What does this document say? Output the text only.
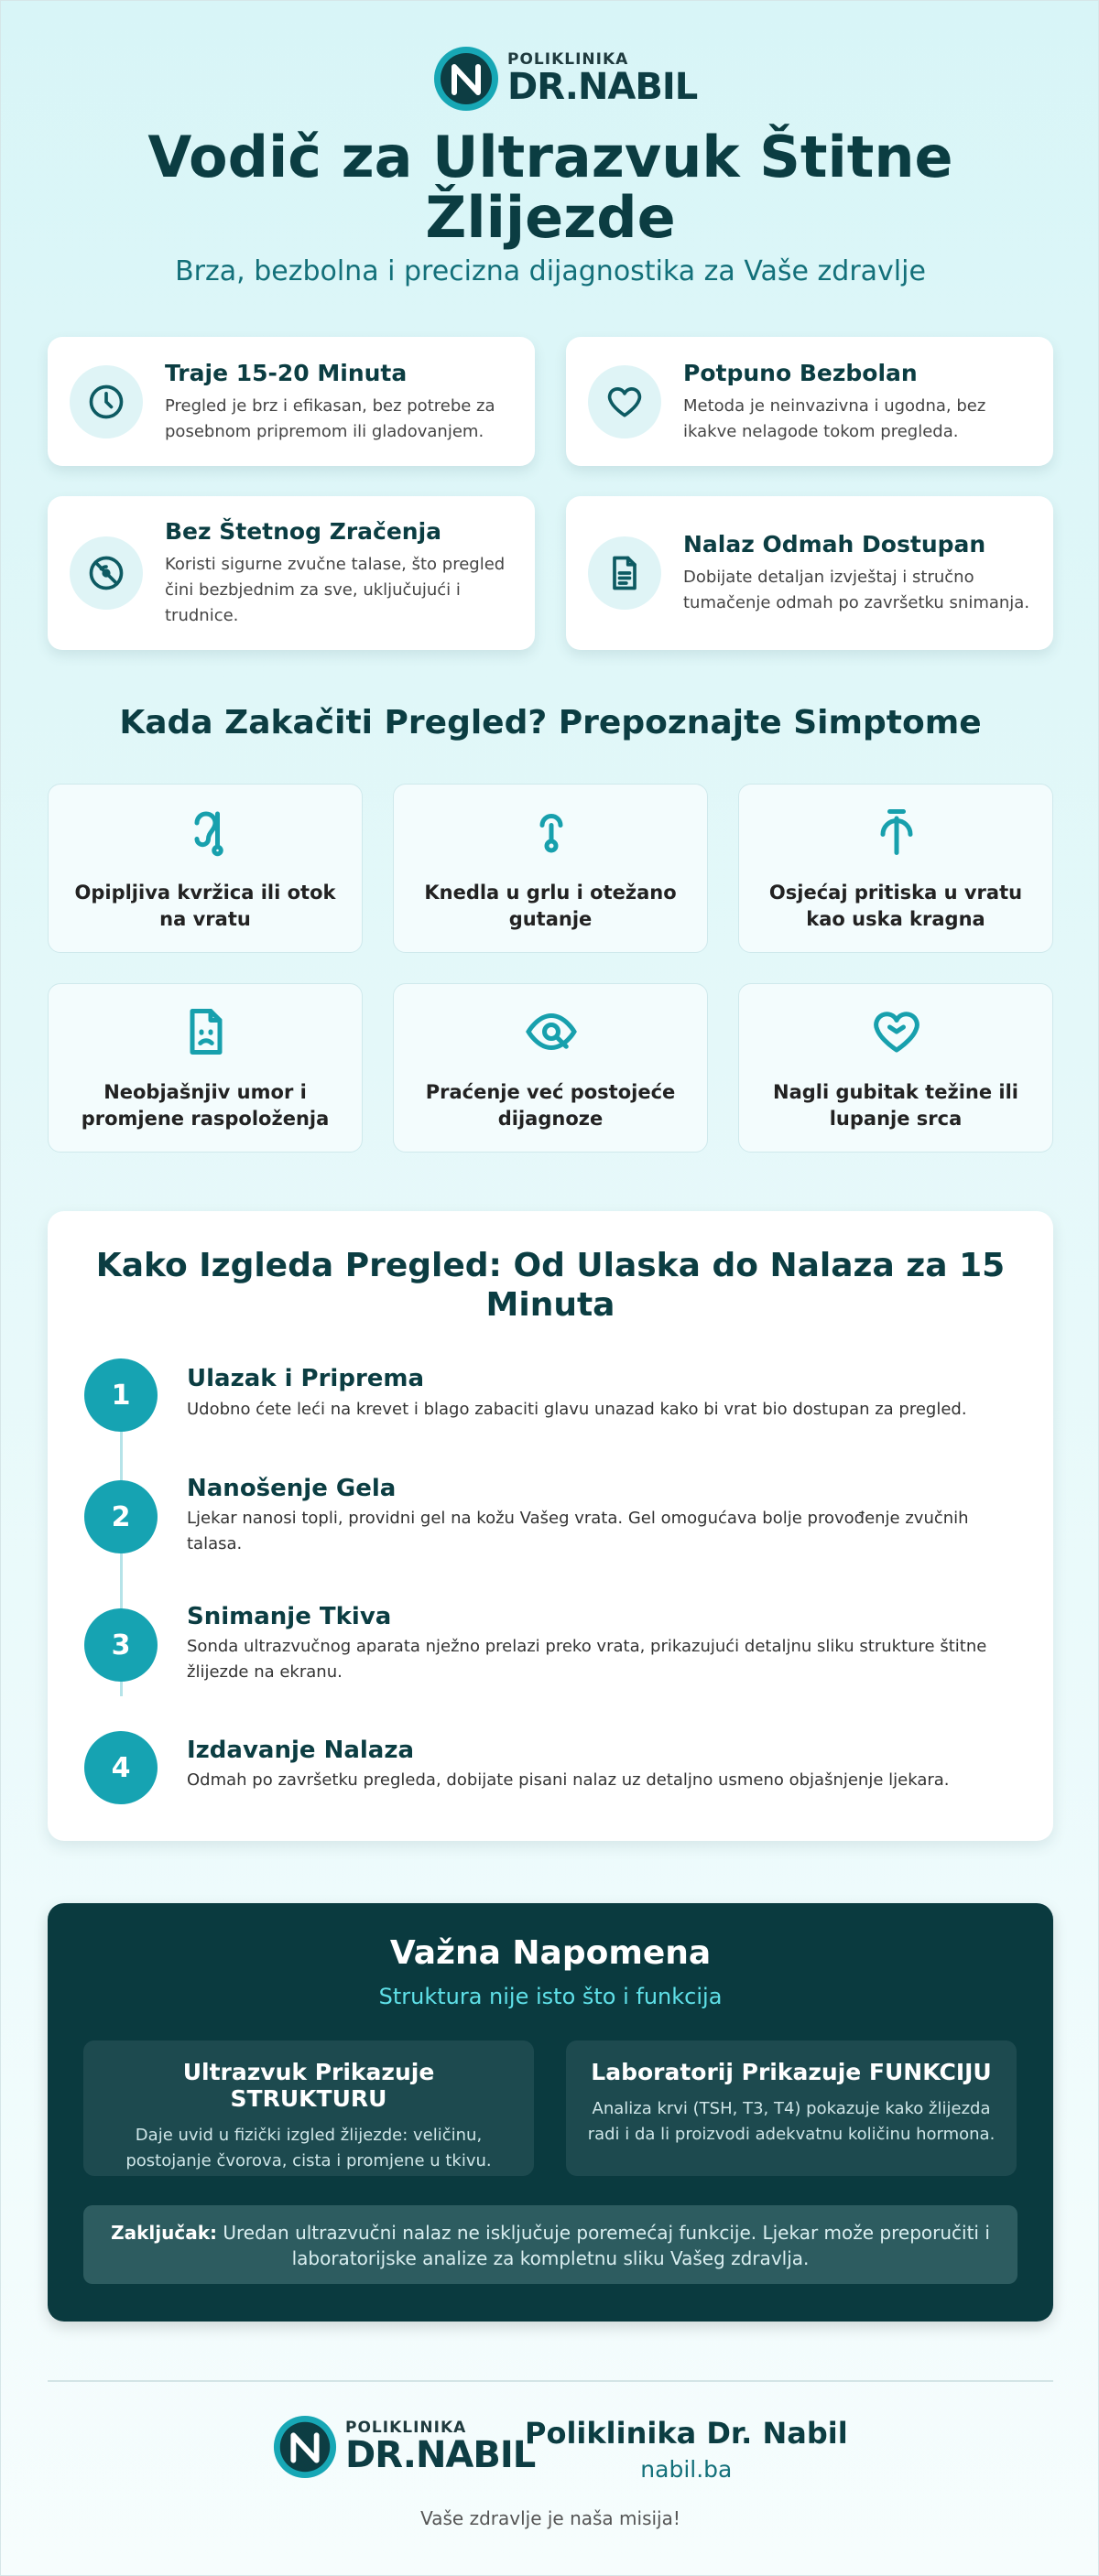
POLIKLINIKA
DR.NABIL
Vodič za Ultrazvuk Štitne Žlijezde
Brza, bezbolna i precizna dijagnostika za Vaše zdravlje
Traje 15-20 Minuta

Pregled je brz i efikasan, bez potrebe za posebnom pripremom ili gladovanjem.

Potpuno Bezbolan

Metoda je neinvazivna i ugodna, bez ikakve nelagode tokom pregleda.

Bez Štetnog Zračenja

Koristi sigurne zvučne talase, što pregled čini bezbjednim za sve, uključujući i trudnice.

Nalaz Odmah Dostupan

Dobijate detaljan izvještaj i stručno tumačenje odmah po završetku snimanja.

Kada Zakačiti Pregled? Prepoznajte Simptome
Opipljiva kvržica ili otok na vratu
Knedla u grlu i otežano gutanje
Osjećaj pritiska u vratu kao uska kragna
Neobjašnjiv umor i promjene raspoloženja
Praćenje već postojeće dijagnoze
Nagli gubitak težine ili lupanje srca
Kako Izgleda Pregled: Od Ulaska do Nalaza za 15 Minuta
1
Ulazak i Priprema
Udobno ćete leći na krevet i blago zabaciti glavu unazad kako bi vrat bio dostupan za pregled.
2
Nanošenje Gela
Ljekar nanosi topli, providni gel na kožu Vašeg vrata. Gel omogućava bolje provođenje zvučnih talasa.
3
Snimanje Tkiva
Sonda ultrazvučnog aparata nježno prelazi preko vrata, prikazujući detaljnu sliku strukture štitne žlijezde na ekranu.
4
Izdavanje Nalaza
Odmah po završetku pregleda, dobijate pisani nalaz uz detaljno usmeno objašnjenje ljekara.
Važna Napomena
Struktura nije isto što i funkcija
Ultrazvuk Prikazuje STRUKTURU

Daje uvid u fizički izgled žlijezde: veličinu, postojanje čvorova, cista i promjene u tkivu.

Laboratorij Prikazuje FUNKCIJU

Analiza krvi (TSH, T3, T4) pokazuje kako žlijezda radi i da li proizvodi adekvatnu količinu hormona.

Zaključak: Uredan ultrazvučni nalaz ne isključuje poremećaj funkcije. Ljekar može preporučiti i laboratorijske analize za kompletnu sliku Vašeg zdravlja.
POLIKLINIKA
DR.NABIL
Poliklinika Dr. Nabil
nabil.ba
Vaše zdravlje je naša misija!
